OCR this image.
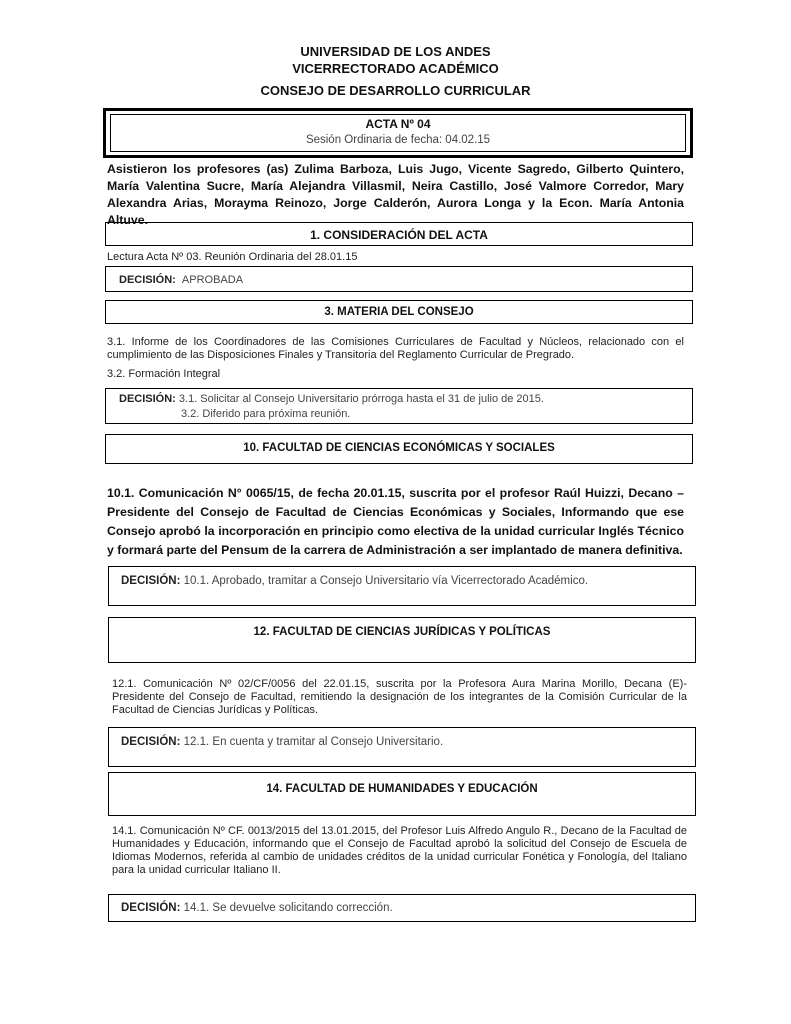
UNIVERSIDAD DE LOS ANDES
VICERRECTORADO ACADÉMICO
CONSEJO DE DESARROLLO CURRICULAR
ACTA Nº 04
Sesión Ordinaria de fecha: 04.02.15
Asistieron los profesores (as) Zulima Barboza, Luis Jugo, Vicente Sagredo, Gilberto Quintero, María Valentina Sucre, María Alejandra Villasmil, Neira Castillo, José Valmore Corredor, Mary Alexandra Arias, Morayma Reinozo, Jorge Calderón, Aurora Longa y la Econ. María Antonia Altuve.
1. CONSIDERACIÓN DEL ACTA
Lectura Acta Nº 03. Reunión Ordinaria del 28.01.15
DECISIÓN: APROBADA
3. MATERIA DEL CONSEJO
3.1. Informe de los Coordinadores de las Comisiones Curriculares de Facultad y Núcleos, relacionado con el cumplimiento de las Disposiciones Finales y Transitoria del Reglamento Curricular de Pregrado.
3.2. Formación Integral
DECISIÓN: 3.1. Solicitar al Consejo Universitario prórroga hasta el 31 de julio de 2015.
3.2. Diferido para próxima reunión.
10. FACULTAD DE CIENCIAS ECONÓMICAS Y SOCIALES
10.1. Comunicación N° 0065/15, de fecha 20.01.15, suscrita por el profesor Raúl Huizzi, Decano – Presidente del Consejo de Facultad de Ciencias Económicas y Sociales, Informando que ese Consejo aprobó la incorporación en principio como electiva de la unidad curricular Inglés Técnico y formará parte del Pensum de la carrera de Administración a ser implantado de manera definitiva.
DECISIÓN: 10.1. Aprobado, tramitar a Consejo Universitario vía Vicerrectorado Académico.
12. FACULTAD DE CIENCIAS JURÍDICAS Y POLÍTICAS
12.1. Comunicación Nº 02/CF/0056 del 22.01.15, suscrita por la Profesora Aura Marina Morillo, Decana (E)- Presidente del Consejo de Facultad, remitiendo la designación de los integrantes de la Comisión Curricular de la Facultad de Ciencias Jurídicas y Políticas.
DECISIÓN: 12.1. En cuenta y tramitar al Consejo Universitario.
14. FACULTAD DE HUMANIDADES Y EDUCACIÓN
14.1. Comunicación Nº CF. 0013/2015 del 13.01.2015, del Profesor Luis Alfredo Angulo R., Decano de la Facultad de Humanidades y Educación, informando que el Consejo de Facultad aprobó la solicitud del Consejo de Escuela de Idiomas Modernos, referida al cambio de unidades créditos de la unidad curricular Fonética y Fonología, del Italiano para la unidad curricular Italiano II.
DECISIÓN: 14.1. Se devuelve solicitando corrección.
